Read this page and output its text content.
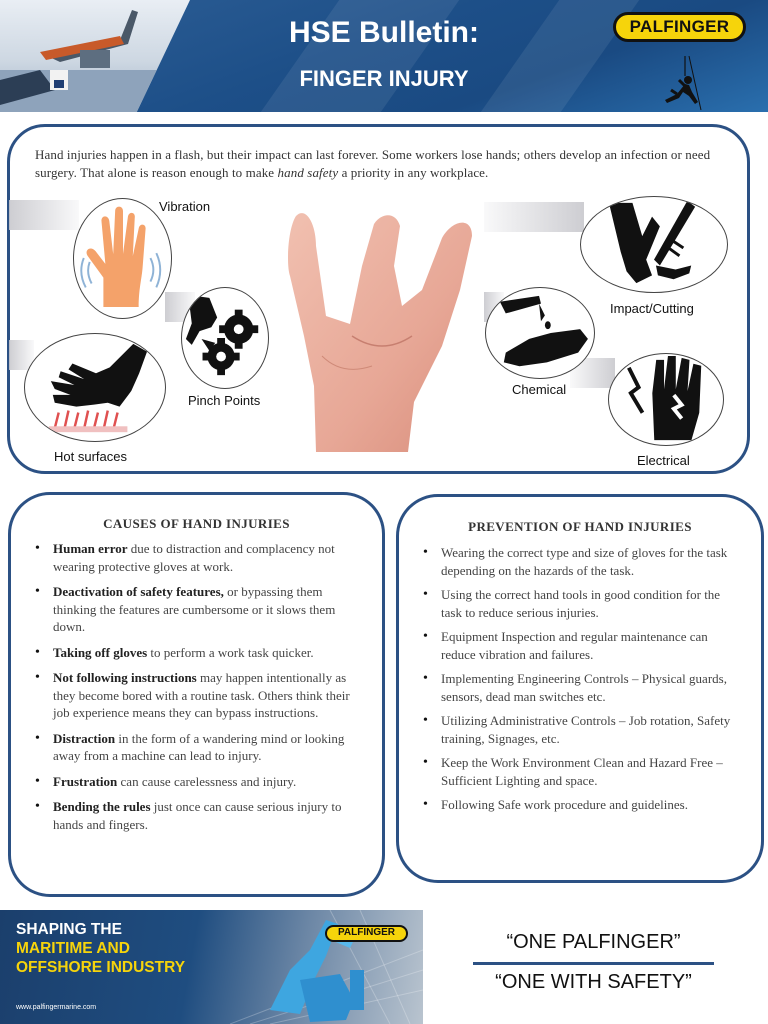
HSE Bulletin:
FINGER INJURY
PALFINGER

Hand injuries happen in a flash, but their impact can last forever. Some workers lose hands; others develop an infection or need surgery. That alone is reason enough to make hand safety a priority in any workplace.

Vibration
Pinch Points
Hot surfaces
Impact/Cutting
Chemical
Electrical
CAUSES OF HAND INJURIES
• Human error due to distraction and complacency not wearing protective gloves at work.
• Deactivation of safety features, or bypassing them thinking the features are cumbersome or it slows them down.
• Taking off gloves to perform a work task quicker.
• Not following instructions may happen intentionally as they become bored with a routine task. Others think their job experience means they can bypass instructions.
• Distraction in the form of a wandering mind or looking away from a machine can lead to injury.
• Frustration can cause carelessness and injury.
• Bending the rules just once can cause serious injury to hands and fingers.
PREVENTION OF HAND INJURIES
• Wearing the correct type and size of gloves for the task depending on the hazards of the task.
• Using the correct hand tools in good condition for the task to reduce serious injuries.
• Equipment Inspection and regular maintenance can reduce vibration and failures.
• Implementing Engineering Controls – Physical guards, sensors, dead man switches etc.
• Utilizing Administrative Controls – Job rotation, Safety training, Signages, etc.
• Keep the Work Environment Clean and Hazard Free – Sufficient Lighting and space.
• Following Safe work procedure and guidelines.
SHAPING THE
MARITIME AND
OFFSHORE INDUSTRY
www.palfingermarine.com
PALFINGER	“ONE PALFINGER”
“ONE WITH SAFETY”
